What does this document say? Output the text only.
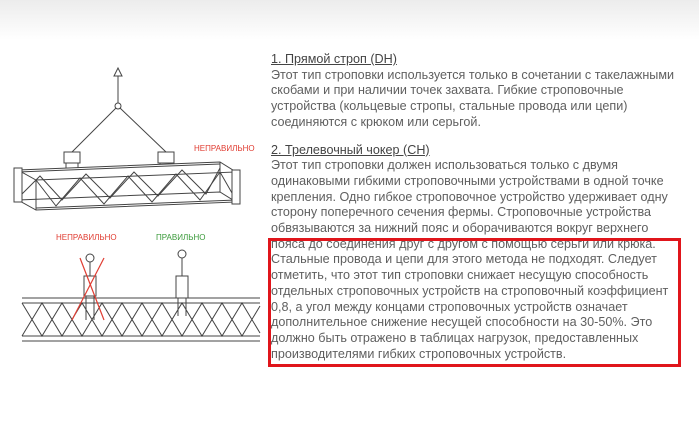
НЕПРАВИЛЬНО
НЕПРАВИЛЬНО	ПРАВИЛЬНО
1. Прямой строп (DH)

Этот тип строповки используется только в сочетании с такелажными скобами и при наличии точек захвата. Гибкие строповочные устройства (кольцевые стропы, стальные провода или цепи) соединяются с крюком или серьгой.

2. Трелевочный чокер (CH)

Этот тип строповки должен использоваться только с двумя одинаковыми гибкими строповочными устройствами в одной точке крепления. Одно гибкое строповочное устройство удерживает одну сторону поперечного сечения фермы. Строповочные устройства обвязываются за нижний пояс и оборачиваются вокруг верхнего пояса до соединения друг с другом с помощью серьги или крюка. Стальные провода и цепи для этого метода не подходят. Следует отметить, что этот тип строповки снижает несущую способность отдельных строповочных устройств на строповочный коэффициент 0,8, а угол между концами строповочных устройств означает дополнительное снижение несущей способности на 30-50%. Это должно быть отражено в таблицах нагрузок, предоставленных производителями гибких строповочных устройств.
